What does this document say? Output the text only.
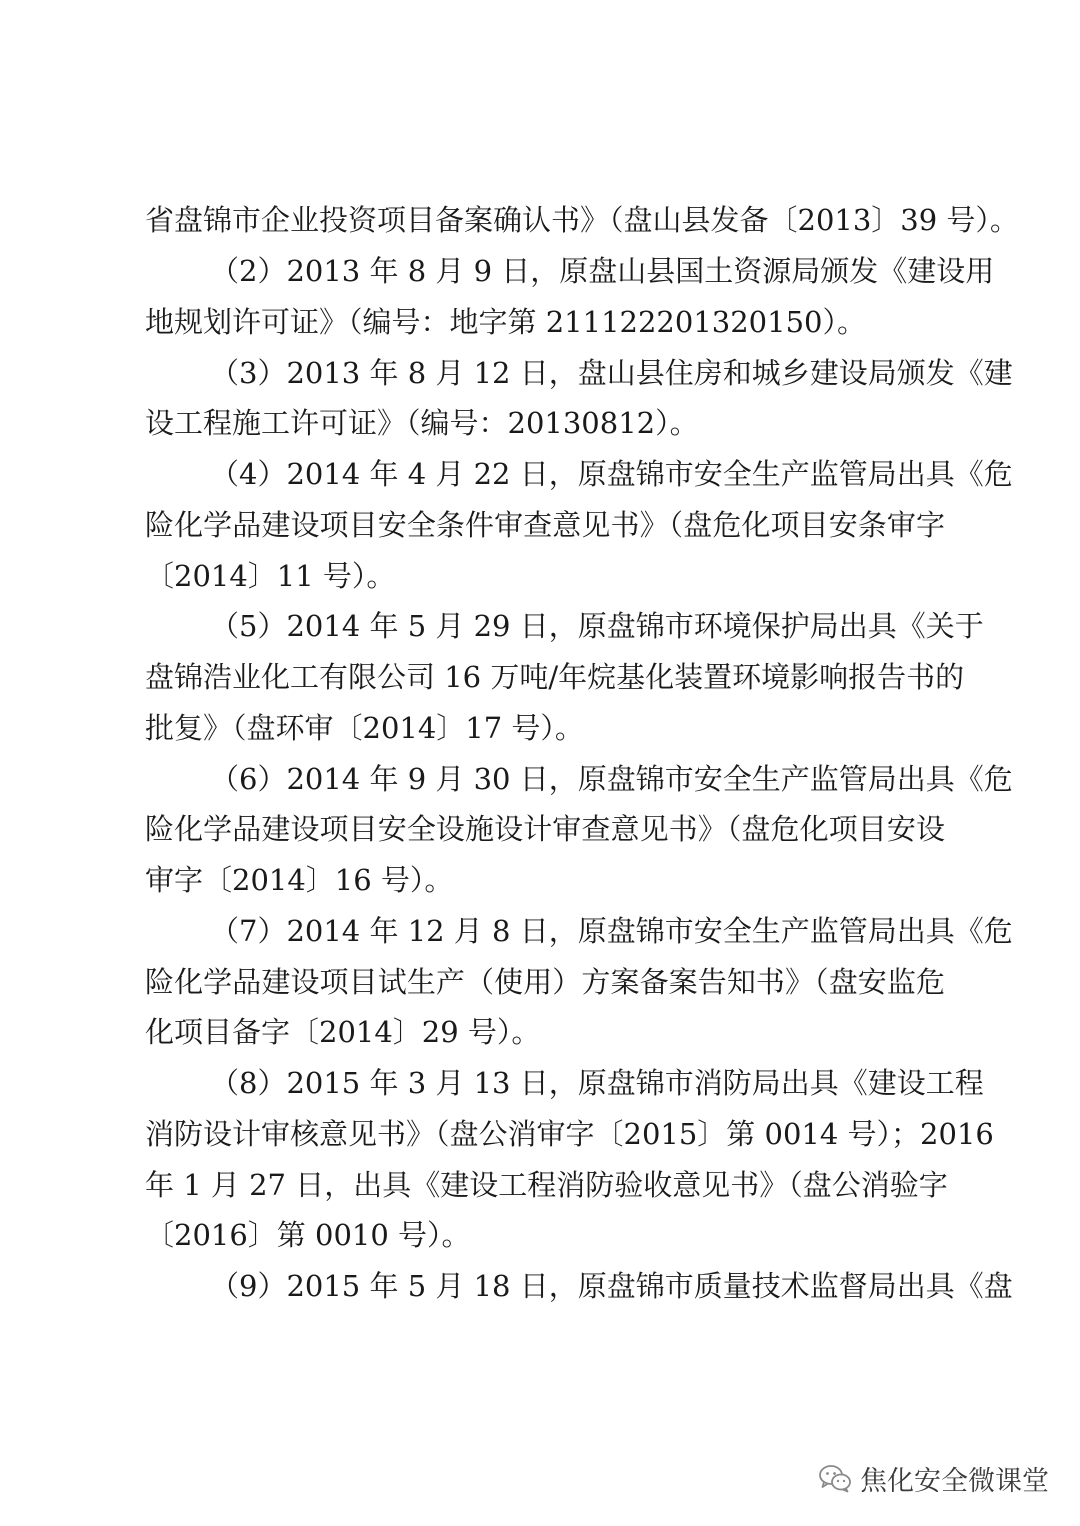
省盘锦市企业投资项目备案确认书》（盘山县发备〔2013〕39 号）。
（2）2013 年 8 月 9 日，原盘山县国土资源局颁发《建设用
地规划许可证》（编号：地字第 211122201320150）。
（3）2013 年 8 月 12 日，盘山县住房和城乡建设局颁发《建
设工程施工许可证》（编号：20130812）。
（4）2014 年 4 月 22 日，原盘锦市安全生产监管局出具《危
险化学品建设项目安全条件审查意见书》（盘危化项目安条审字
〔2014〕11 号）。
（5）2014 年 5 月 29 日，原盘锦市环境保护局出具《关于
盘锦浩业化工有限公司 16 万吨/年烷基化装置环境影响报告书的
批复》（盘环审〔2014〕17 号）。
（6）2014 年 9 月 30 日，原盘锦市安全生产监管局出具《危
险化学品建设项目安全设施设计审查意见书》（盘危化项目安设
审字〔2014〕16 号）。
（7）2014 年 12 月 8 日，原盘锦市安全生产监管局出具《危
险化学品建设项目试生产（使用）方案备案告知书》（盘安监危
化项目备字〔2014〕29 号）。
（8）2015 年 3 月 13 日，原盘锦市消防局出具《建设工程
消防设计审核意见书》（盘公消审字〔2015〕第 0014 号）；2016
年 1 月 27 日，出具《建设工程消防验收意见书》（盘公消验字
〔2016〕第 0010 号）。
（9）2015 年 5 月 18 日，原盘锦市质量技术监督局出具《盘
焦化安全微课堂
